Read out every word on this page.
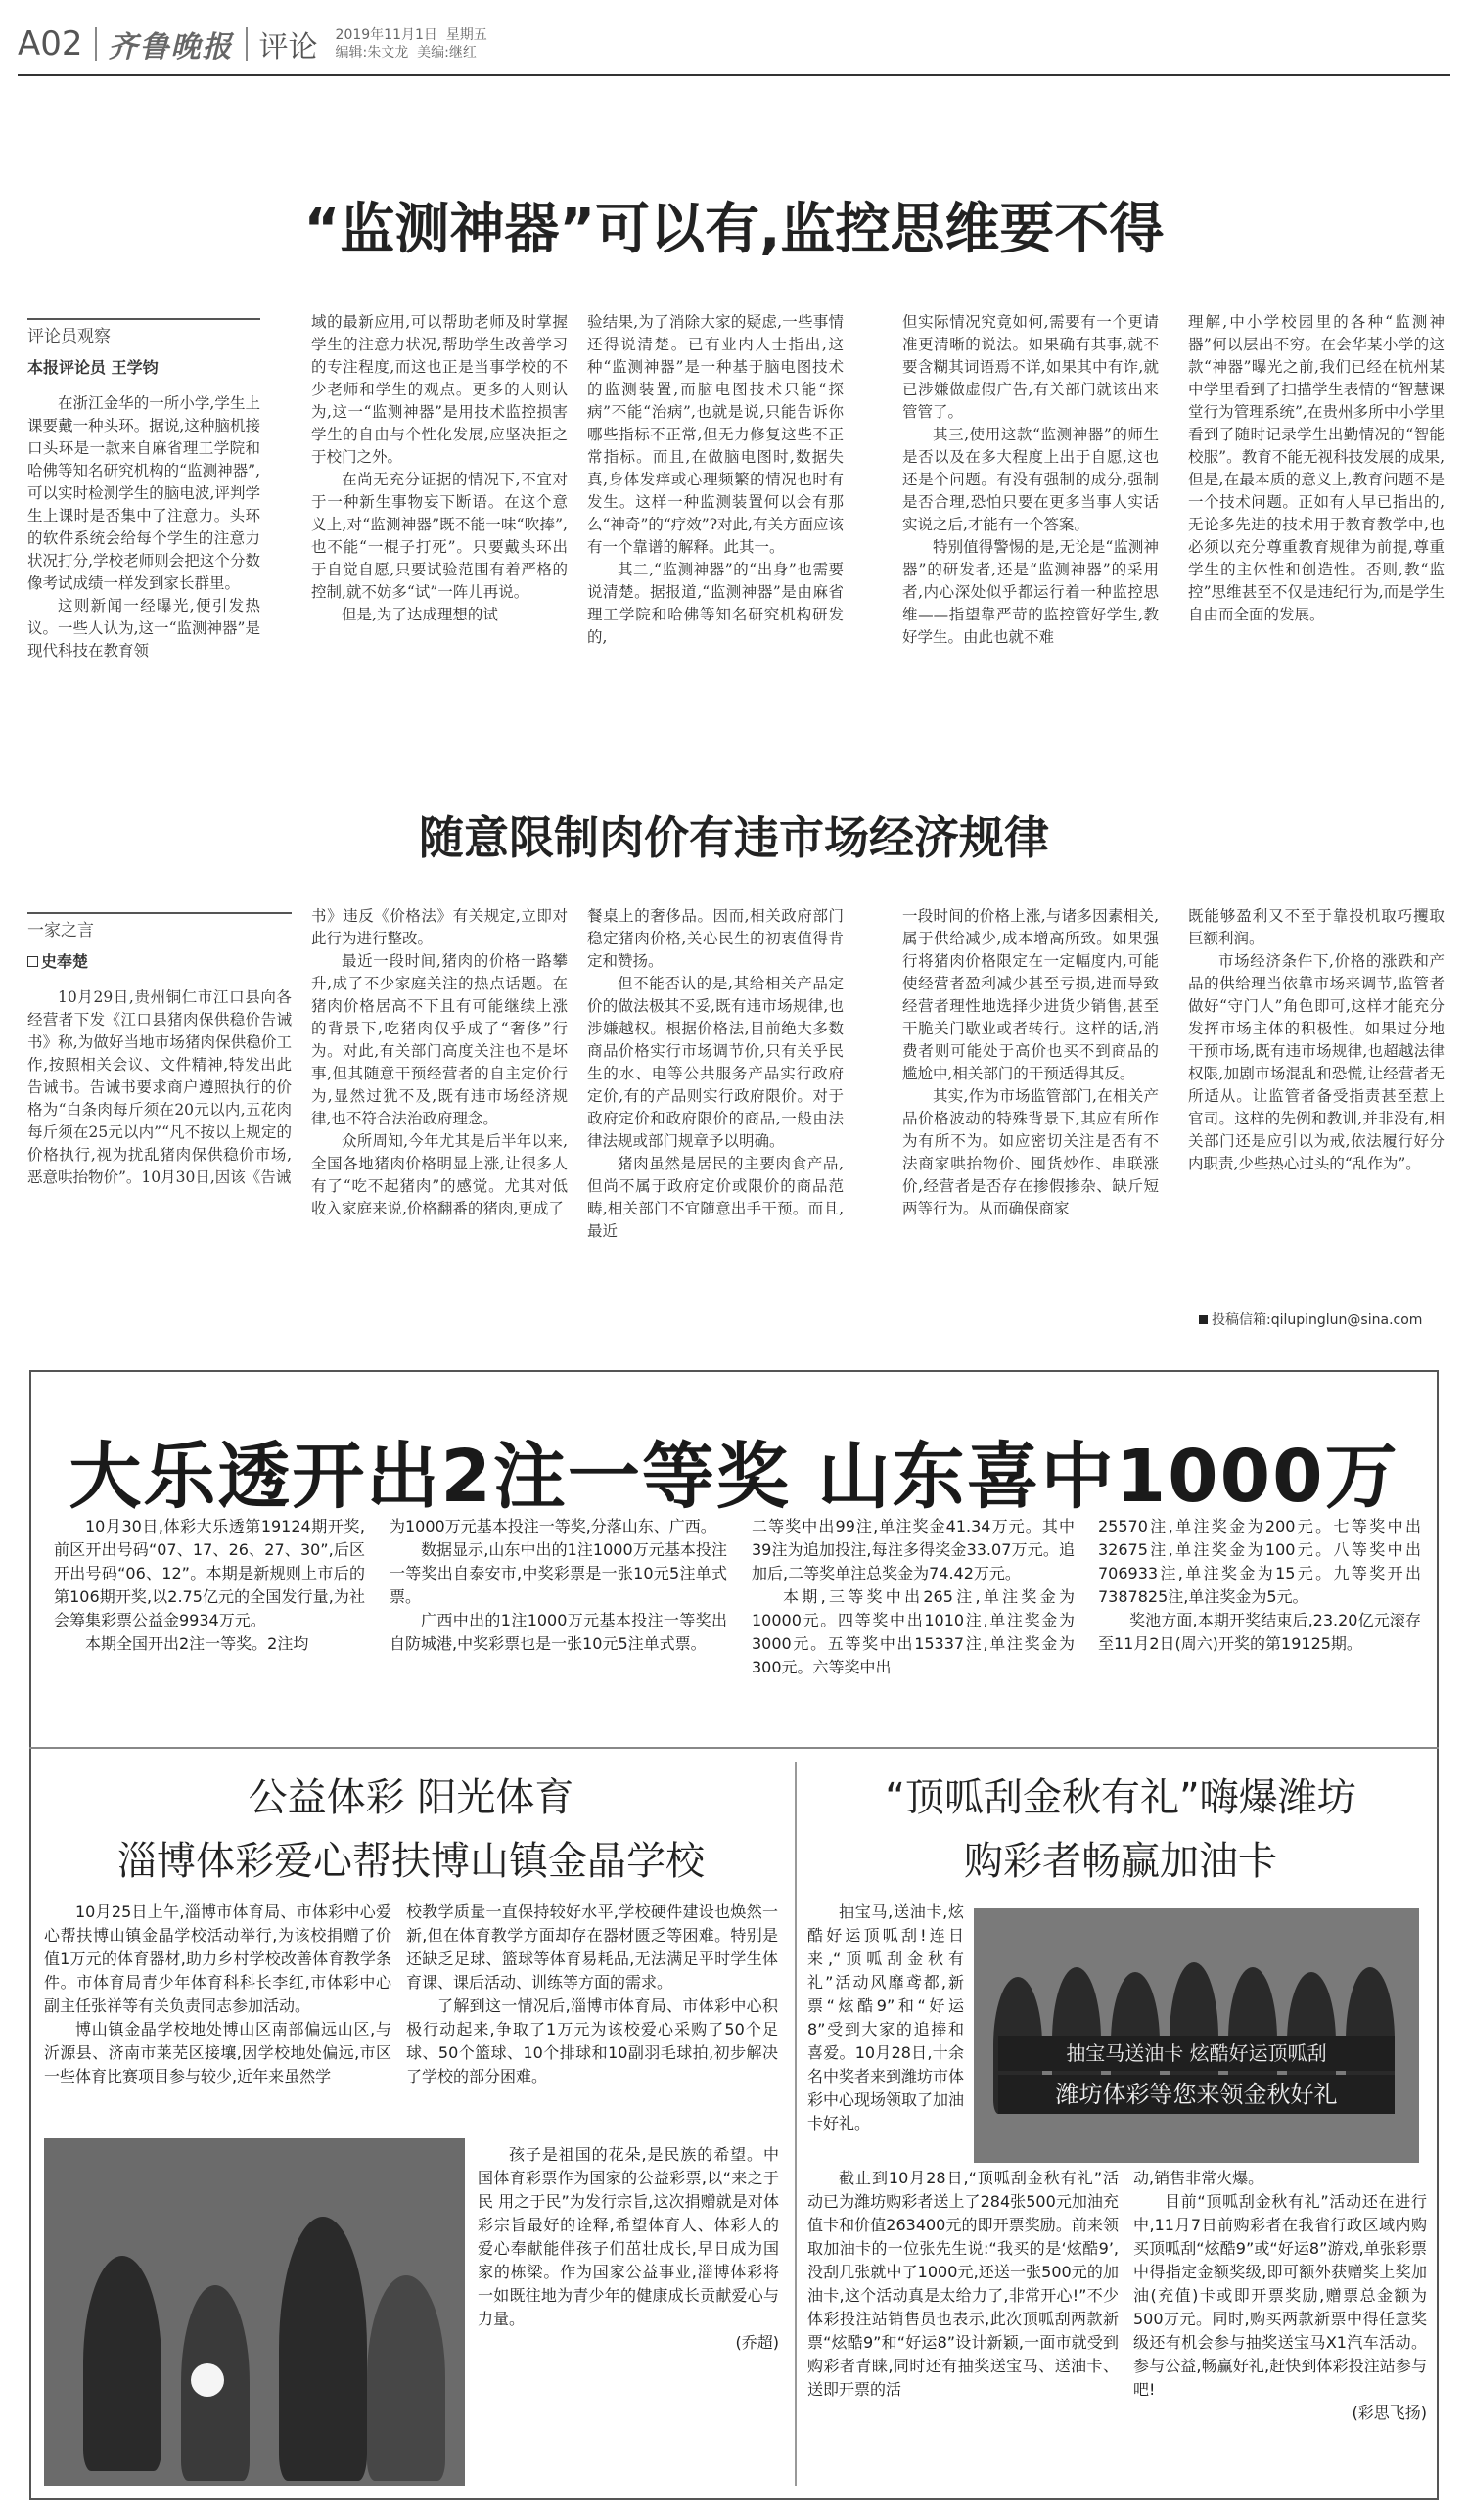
A02 齐鲁晚报 评论 2019年11月1日 星期五
编辑:朱文龙 美编:继红
“监测神器”可以有,监控思维要不得
评论员观察
本报评论员 王学钧

在浙江金华的一所小学,学生上课要戴一种头环。据说,这种脑机接口头环是一款来自麻省理工学院和哈佛等知名研究机构的“监测神器”,可以实时检测学生的脑电波,评判学生上课时是否集中了注意力。头环的软件系统会给每个学生的注意力状况打分,学校老师则会把这个分数像考试成绩一样发到家长群里。

这则新闻一经曝光,便引发热议。一些人认为,这一“监测神器”是现代科技在教育领

域的最新应用,可以帮助老师及时掌握学生的注意力状况,帮助学生改善学习的专注程度,而这也正是当事学校的不少老师和学生的观点。更多的人则认为,这一“监测神器”是用技术监控损害学生的自由与个性化发展,应坚决拒之于校门之外。

在尚无充分证据的情况下,不宜对于一种新生事物妄下断语。在这个意义上,对“监测神器”既不能一味“吹捧”,也不能“一棍子打死”。只要戴头环出于自觉自愿,只要试验范围有着严格的控制,就不妨多“试”一阵儿再说。

但是,为了达成理想的试

验结果,为了消除大家的疑虑,一些事情还得说清楚。已有业内人士指出,这种“监测神器”是一种基于脑电图技术的监测装置,而脑电图技术只能“探病”不能“治病”,也就是说,只能告诉你哪些指标不正常,但无力修复这些不正常指标。而且,在做脑电图时,数据失真,身体发痒或心理频繁的情况也时有发生。这样一种监测装置何以会有那么“神奇”的“疗效”?对此,有关方面应该有一个靠谱的解释。此其一。

其二,“监测神器”的“出身”也需要说清楚。据报道,“监测神器”是由麻省理工学院和哈佛等知名研究机构研发的,

但实际情况究竟如何,需要有一个更请准更清晰的说法。如果确有其事,就不要含糊其词语焉不详,如果其中有诈,就已涉嫌做虚假广告,有关部门就该出来管管了。

其三,使用这款“监测神器”的师生是否以及在多大程度上出于自愿,这也还是个问题。有没有强制的成分,强制是否合理,恐怕只要在更多当事人实话实说之后,才能有一个答案。

特别值得警惕的是,无论是“监测神器”的研发者,还是“监测神器”的采用者,内心深处似乎都运行着一种监控思维——指望靠严苛的监控管好学生,教好学生。由此也就不难

理解,中小学校园里的各种“监测神器”何以层出不穷。在会华某小学的这款“神器”曝光之前,我们已经在杭州某中学里看到了扫描学生表情的“智慧课堂行为管理系统”,在贵州多所中小学里看到了随时记录学生出勤情况的“智能校服”。教育不能无视科技发展的成果,但是,在最本质的意义上,教育问题不是一个技术问题。正如有人早已指出的,无论多先进的技术用于教育教学中,也必须以充分尊重教育规律为前提,尊重学生的主体性和创造性。否则,教“监控”思维甚至不仅是违纪行为,而是学生自由而全面的发展。

随意限制肉价有违市场经济规律
一家之言
史奉楚

10月29日,贵州铜仁市江口县向各经营者下发《江口县猪肉保供稳价告诫书》称,为做好当地市场猪肉保供稳价工作,按照相关会议、文件精神,特发出此告诫书。告诫书要求商户遵照执行的价格为“白条肉每斤须在20元以内,五花肉每斤须在25元以内”“凡不按以上规定的价格执行,视为扰乱猪肉保供稳价市场,恶意哄抬物价”。10月30日,因该《告诫

书》违反《价格法》有关规定,立即对此行为进行整改。

最近一段时间,猪肉的价格一路攀升,成了不少家庭关注的热点话题。在猪肉价格居高不下且有可能继续上涨的背景下,吃猪肉仅乎成了“奢侈”行为。对此,有关部门高度关注也不是坏事,但其随意干预经营者的自主定价行为,显然过犹不及,既有违市场经济规律,也不符合法治政府理念。

众所周知,今年尤其是后半年以来,全国各地猪肉价格明显上涨,让很多人有了“吃不起猪肉”的感觉。尤其对低收入家庭来说,价格翻番的猪肉,更成了

餐桌上的奢侈品。因而,相关政府部门稳定猪肉价格,关心民生的初衷值得肯定和赞扬。

但不能否认的是,其给相关产品定价的做法极其不妥,既有违市场规律,也涉嫌越权。根据价格法,目前绝大多数商品价格实行市场调节价,只有关乎民生的水、电等公共服务产品实行政府定价,有的产品则实行政府限价。对于政府定价和政府限价的商品,一般由法律法规或部门规章予以明确。

猪肉虽然是居民的主要肉食产品,但尚不属于政府定价或限价的商品范畴,相关部门不宜随意出手干预。而且,最近

一段时间的价格上涨,与诸多因素相关,属于供给减少,成本增高所致。如果强行将猪肉价格限定在一定幅度内,可能使经营者盈利减少甚至亏损,进而导致经营者理性地选择少进货少销售,甚至干脆关门歇业或者转行。这样的话,消费者则可能处于高价也买不到商品的尴尬中,相关部门的干预适得其反。

其实,作为市场监管部门,在相关产品价格波动的特殊背景下,其应有所作为有所不为。如应密切关注是否有不法商家哄抬物价、囤货炒作、串联涨价,经营者是否存在掺假掺杂、缺斤短两等行为。从而确保商家

既能够盈利又不至于靠投机取巧攫取巨额利润。

市场经济条件下,价格的涨跌和产品的供给理当依靠市场来调节,监管者做好“守门人”角色即可,这样才能充分发挥市场主体的积极性。如果过分地干预市场,既有违市场规律,也超越法律权限,加剧市场混乱和恐慌,让经营者无所适从。让监管者备受指责甚至惹上官司。这样的先例和教训,并非没有,相关部门还是应引以为戒,依法履行好分内职责,少些热心过头的“乱作为”。

投稿信箱:qilupinglun@sina.com
大乐透开出2注一等奖 山东喜中1000万

10月30日,体彩大乐透第19124期开奖,前区开出号码“07、17、26、27、30”,后区开出号码“06、12”。本期是新规则上市后的第106期开奖,以2.75亿元的全国发行量,为社会筹集彩票公益金9934万元。

本期全国开出2注一等奖。2注均

为1000万元基本投注一等奖,分落山东、广西。

数据显示,山东中出的1注1000万元基本投注一等奖出自泰安市,中奖彩票是一张10元5注单式票。

广西中出的1注1000万元基本投注一等奖出自防城港,中奖彩票也是一张10元5注单式票。

二等奖中出99注,单注奖金41.34万元。其中39注为追加投注,每注多得奖金33.07万元。追加后,二等奖单注总奖金为74.42万元。

本期,三等奖中出265注,单注奖金为10000元。四等奖中出1010注,单注奖金为3000元。五等奖中出15337注,单注奖金为300元。六等奖中出

25570注,单注奖金为200元。七等奖中出32675注,单注奖金为100元。八等奖中出706933注,单注奖金为15元。九等奖开出7387825注,单注奖金为5元。

奖池方面,本期开奖结束后,23.20亿元滚存至11月2日(周六)开奖的第19125期。

公益体彩 阳光体育
淄博体彩爱心帮扶博山镇金晶学校

10月25日上午,淄博市体育局、市体彩中心爱心帮扶博山镇金晶学校活动举行,为该校捐赠了价值1万元的体育器材,助力乡村学校改善体育教学条件。市体育局青少年体育科科长李红,市体彩中心副主任张祥等有关负责同志参加活动。

博山镇金晶学校地处博山区南部偏远山区,与沂源县、济南市莱芜区接壤,因学校地处偏远,市区一些体育比赛项目参与较少,近年来虽然学

校教学质量一直保持较好水平,学校硬件建设也焕然一新,但在体育教学方面却存在器材匮乏等困难。特别是还缺乏足球、篮球等体育易耗品,无法满足平时学生体育课、课后活动、训练等方面的需求。

了解到这一情况后,淄博市体育局、市体彩中心积极行动起来,争取了1万元为该校爱心采购了50个足球、50个篮球、10个排球和10副羽毛球拍,初步解决了学校的部分困难。

孩子是祖国的花朵,是民族的希望。中国体育彩票作为国家的公益彩票,以“来之于民 用之于民”为发行宗旨,这次捐赠就是对体彩宗旨最好的诠释,希望体育人、体彩人的爱心奉献能伴孩子们茁壮成长,早日成为国家的栋梁。作为国家公益事业,淄博体彩将一如既往地为青少年的健康成长贡献爱心与力量。

(乔超)
“顶呱刮金秋有礼”嗨爆潍坊
购彩者畅赢加油卡

抽宝马,送油卡,炫酷好运顶呱刮!连日来,“顶呱刮金秋有礼”活动风靡鸢都,新票“炫酷9”和“好运8”受到大家的追捧和喜爱。10月28日,十余名中奖者来到潍坊市体彩中心现场领取了加油卡好礼。

抽宝马送油卡 炫酷好运顶呱刮
潍坊体彩等您来领金秋好礼

截止到10月28日,“顶呱刮金秋有礼”活动已为潍坊购彩者送上了284张500元加油充值卡和价值263400元的即开票奖励。前来领取加油卡的一位张先生说:“我买的是‘炫酷9’,没刮几张就中了1000元,还送一张500元的加油卡,这个活动真是太给力了,非常开心!”不少体彩投注站销售员也表示,此次顶呱刮两款新票“炫酷9”和“好运8”设计新颖,一面市就受到购彩者青睐,同时还有抽奖送宝马、送油卡、送即开票的活

动,销售非常火爆。

目前“顶呱刮金秋有礼”活动还在进行中,11月7日前购彩者在我省行政区域内购买顶呱刮“炫酷9”或“好运8”游戏,单张彩票中得指定金额奖级,即可额外获赠奖上奖加油(充值)卡或即开票奖励,赠票总金额为500万元。同时,购买两款新票中得任意奖级还有机会参与抽奖送宝马X1汽车活动。参与公益,畅赢好礼,赶快到体彩投注站参与吧!

(彩思飞扬)
